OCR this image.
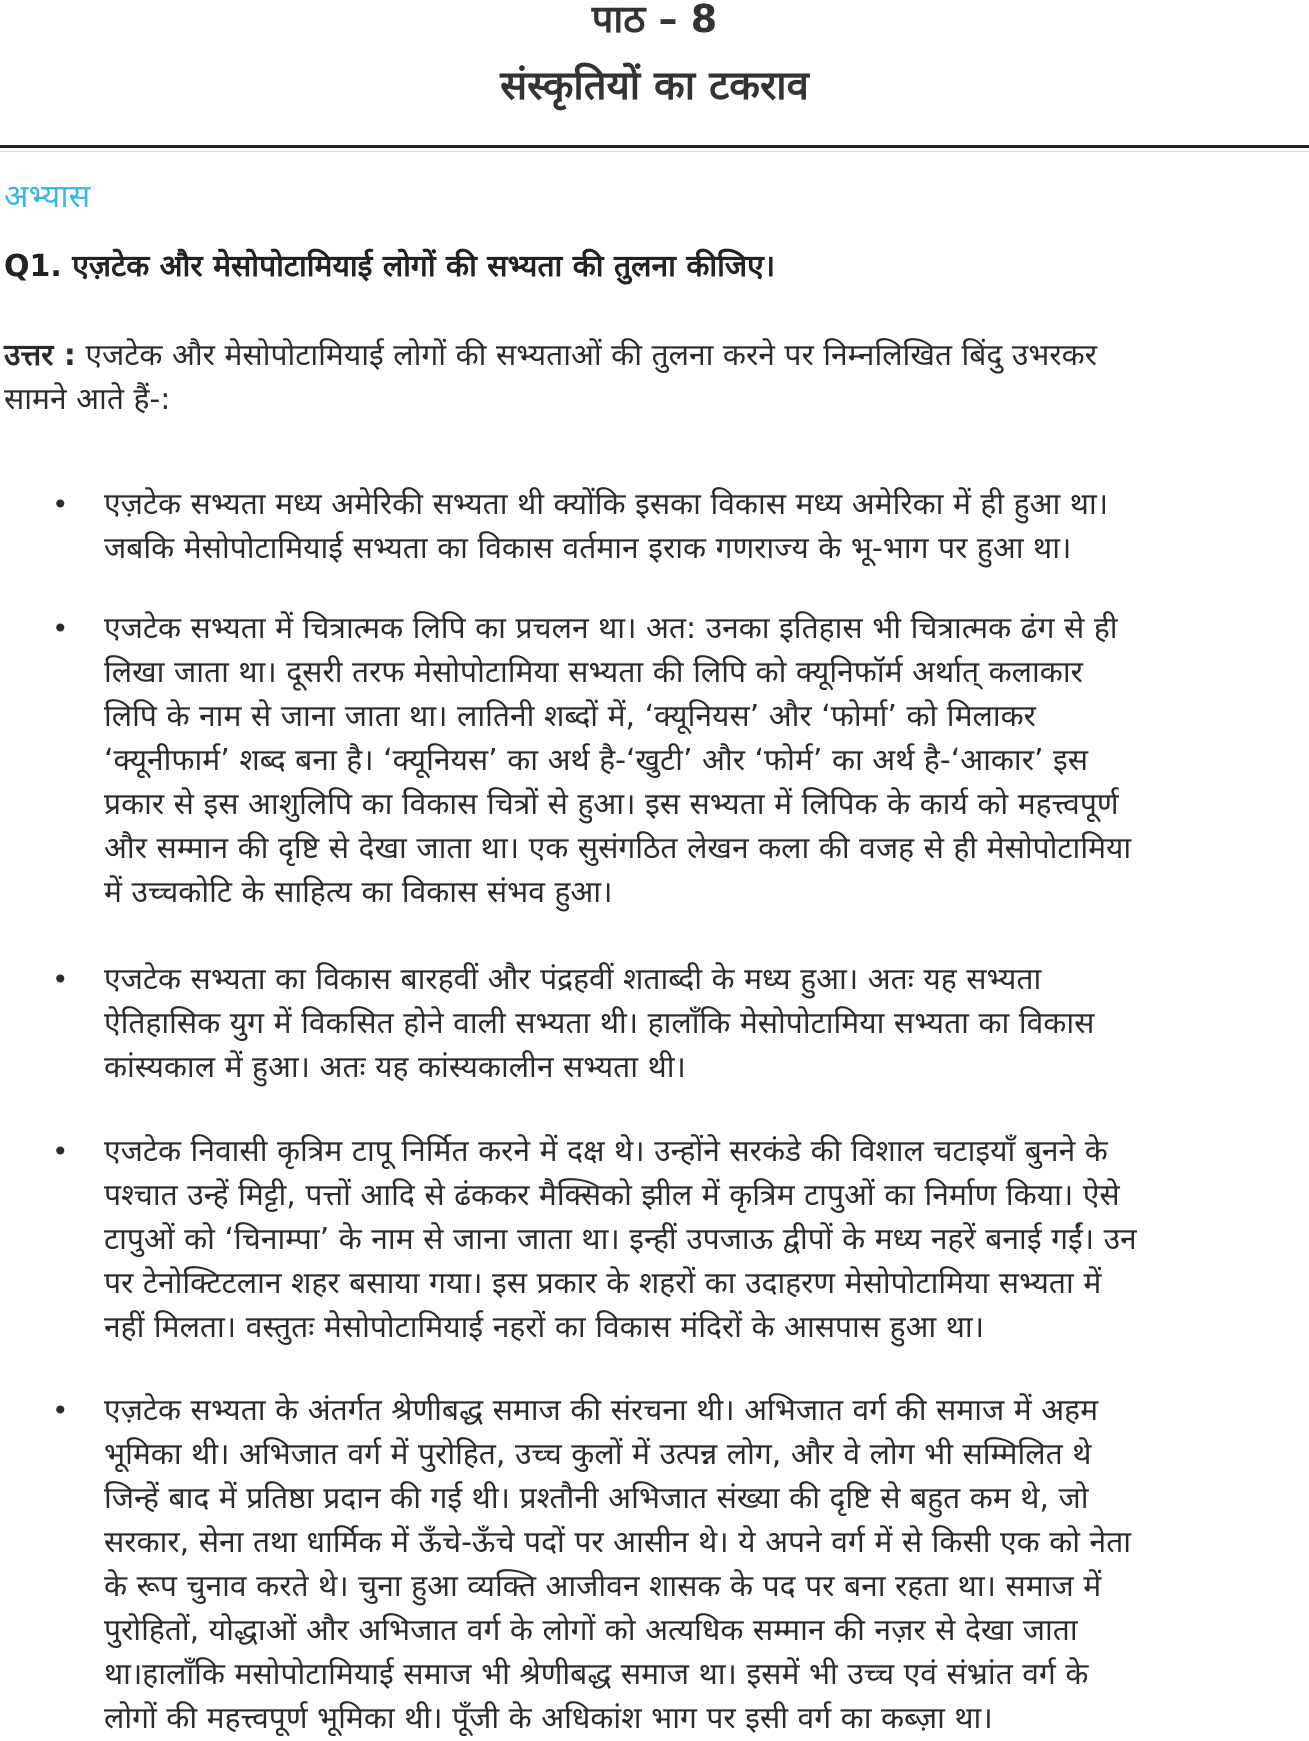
पाठ – 8
संस्कृतियों का टकराव
अभ्यास
Q1. एज़टेक और मेसोपोटामियाई लोगों की सभ्यता की तुलना कीजिए।
उत्तर : एजटेक और मेसोपोटामियाई लोगों की सभ्यताओं की तुलना करने पर निम्नलिखित बिंदु उभरकर
सामने आते हैं-:
• एज़टेक सभ्यता मध्य अमेरिकी सभ्यता थी क्योंकि इसका विकास मध्य अमेरिका में ही हुआ था।
जबकि मेसोपोटामियाई सभ्यता का विकास वर्तमान इराक गणराज्य के भू-भाग पर हुआ था।
• एजटेक सभ्यता में चित्रात्मक लिपि का प्रचलन था। अत: उनका इतिहास भी चित्रात्मक ढंग से ही
लिखा जाता था। दूसरी तरफ मेसोपोटामिया सभ्यता की लिपि को क्यूनिफॉर्म अर्थात् कलाकार
लिपि के नाम से जाना जाता था। लातिनी शब्दों में, ‘क्यूनियस’ और ‘फोर्मा’ को मिलाकर
‘क्यूनीफार्म’ शब्द बना है। ‘क्यूनियस’ का अर्थ है-‘खुटी’ और ‘फोर्म’ का अर्थ है-‘आकार’ इस
प्रकार से इस आशुलिपि का विकास चित्रों से हुआ। इस सभ्यता में लिपिक के कार्य को महत्त्वपूर्ण
और सम्मान की दृष्टि से देखा जाता था। एक सुसंगठित लेखन कला की वजह से ही मेसोपोटामिया
में उच्चकोटि के साहित्य का विकास संभव हुआ।
• एजटेक सभ्यता का विकास बारहवीं और पंद्रहवीं शताब्दी के मध्य हुआ। अतः यह सभ्यता
ऐतिहासिक युग में विकसित होने वाली सभ्यता थी। हालाँकि मेसोपोटामिया सभ्यता का विकास
कांस्यकाल में हुआ। अतः यह कांस्यकालीन सभ्यता थी।
• एजटेक निवासी कृत्रिम टापू निर्मित करने में दक्ष थे। उन्होंने सरकंडे की विशाल चटाइयाँ बुनने के
पश्चात उन्हें मिट्टी, पत्तों आदि से ढंककर मैक्सिको झील में कृत्रिम टापुओं का निर्माण किया। ऐसे
टापुओं को ‘चिनाम्पा’ के नाम से जाना जाता था। इन्हीं उपजाऊ द्वीपों के मध्य नहरें बनाई गईं। उन
पर टेनोक्टिटलान शहर बसाया गया। इस प्रकार के शहरों का उदाहरण मेसोपोटामिया सभ्यता में
नहीं मिलता। वस्तुतः मेसोपोटामियाई नहरों का विकास मंदिरों के आसपास हुआ था।
• एज़टेक सभ्यता के अंतर्गत श्रेणीबद्ध समाज की संरचना थी। अभिजात वर्ग की समाज में अहम
भूमिका थी। अभिजात वर्ग में पुरोहित, उच्च कुलों में उत्पन्न लोग, और वे लोग भी सम्मिलित थे
जिन्हें बाद में प्रतिष्ठा प्रदान की गई थी। प्रश्तौनी अभिजात संख्या की दृष्टि से बहुत कम थे, जो
सरकार, सेना तथा धार्मिक में ऊँचे-ऊँचे पदों पर आसीन थे। ये अपने वर्ग में से किसी एक को नेता
के रूप चुनाव करते थे। चुना हुआ व्यक्ति आजीवन शासक के पद पर बना रहता था। समाज में
पुरोहितों, योद्धाओं और अभिजात वर्ग के लोगों को अत्यधिक सम्मान की नज़र से देखा जाता
था।हालाँकि मसोपोटामियाई समाज भी श्रेणीबद्ध समाज था। इसमें भी उच्च एवं संभ्रांत वर्ग के
लोगों की महत्त्वपूर्ण भूमिका थी। पूँजी के अधिकांश भाग पर इसी वर्ग का कब्ज़ा था।
